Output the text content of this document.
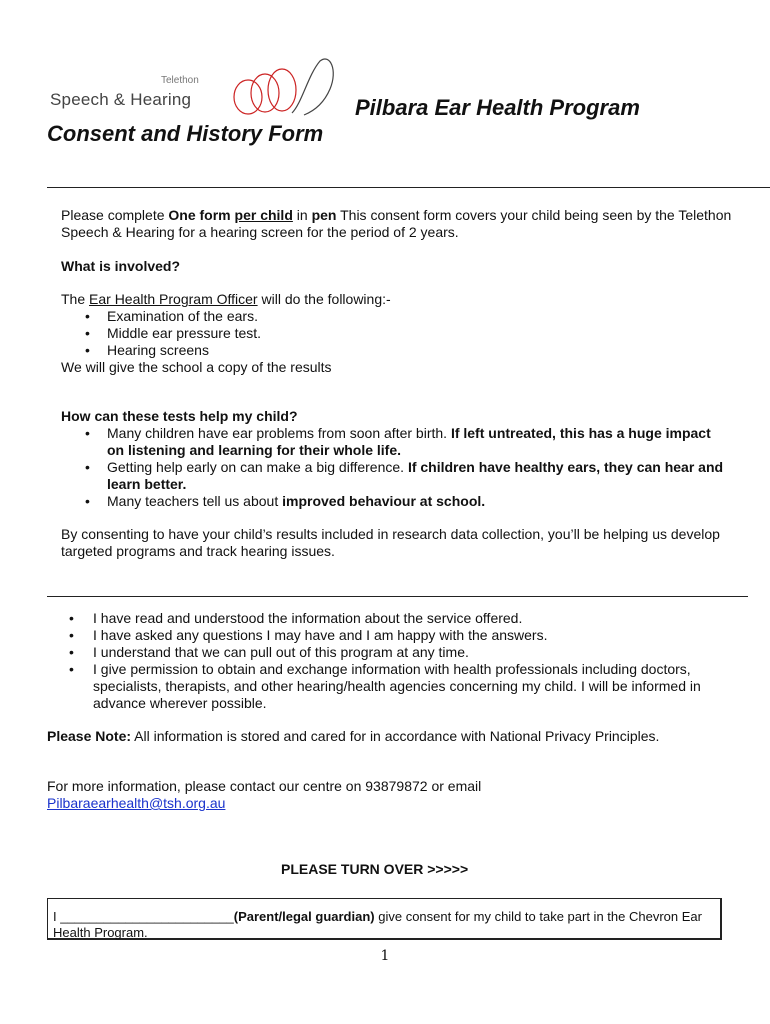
Telethon
Speech & Hearing	Pilbara Ear Health Program
Consent and History Form
Please complete One form per child in pen This consent form covers your child being seen by the Telethon Speech & Hearing for a hearing screen for the period of 2 years.
What is involved?
The Ear Health Program Officer will do the following:-
• Examination of the ears.
• Middle ear pressure test.
• Hearing screens
We will give the school a copy of the results
How can these tests help my child?
• Many children have ear problems from soon after birth. If left untreated, this has a huge impact on listening and learning for their whole life.
• Getting help early on can make a big difference. If children have healthy ears, they can hear and learn better.
• Many teachers tell us about improved behaviour at school.
By consenting to have your child’s results included in research data collection, you’ll be helping us develop targeted programs and track hearing issues.
• I have read and understood the information about the service offered.
• I have asked any questions I may have and I am happy with the answers.
• I understand that we can pull out of this program at any time.
• I give permission to obtain and exchange information with health professionals including doctors, specialists, therapists, and other hearing/health agencies concerning my child. I will be informed in advance wherever possible.
Please Note: All information is stored and cared for in accordance with National Privacy Principles.
For more information, please contact our centre on 93879872 or email
Pilbaraearhealth@tsh.org.au
PLEASE TURN OVER >>>>>
I ________________________(Parent/legal guardian) give consent for my child to take part in the Chevron Ear Health Program.
1
